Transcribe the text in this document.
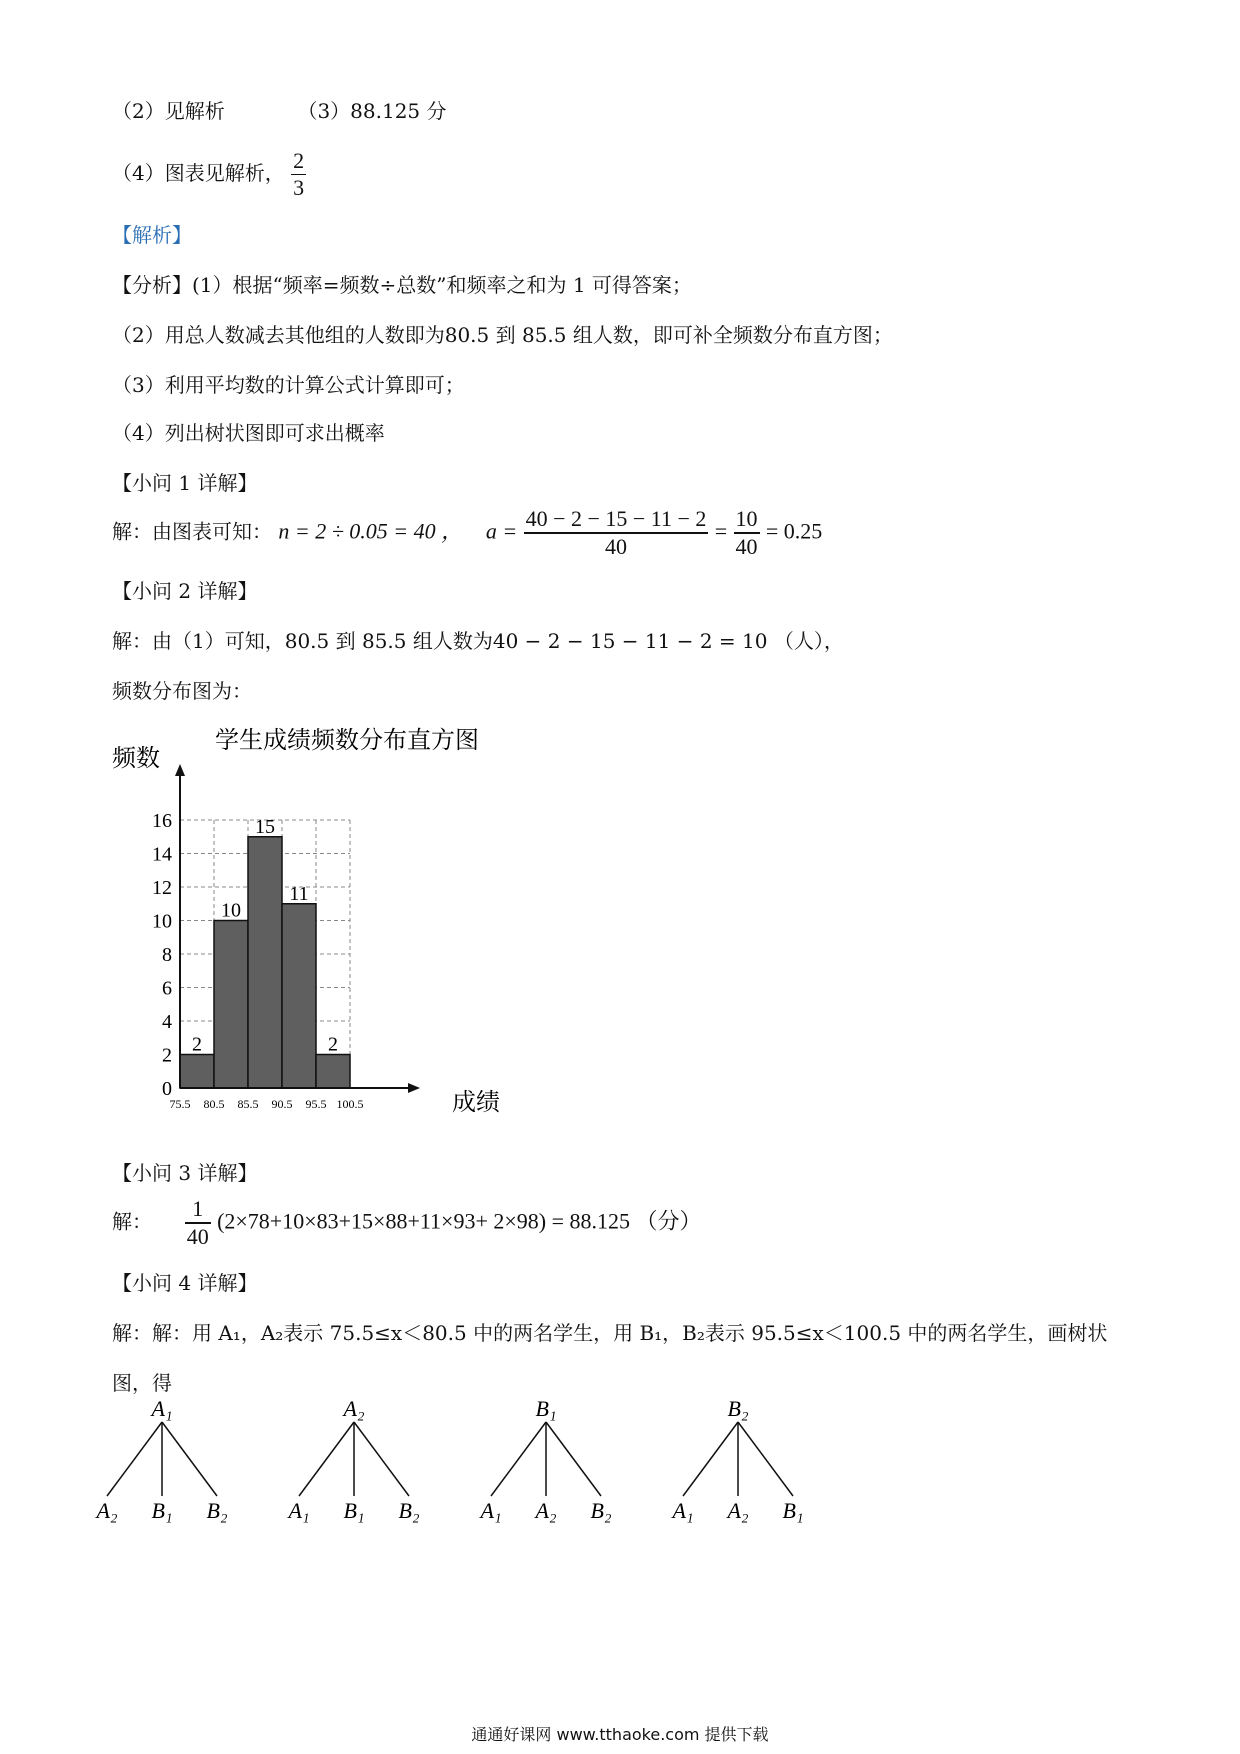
（2）见解析	（3）88.125 分
（4）图表见解析， $\frac{2}{3}$
【解析】
【分析】(1）根据“频率=频数÷总数”和频率之和为 1 可得答案；
（2）用总人数减去其他组的人数即为80.5 到 85.5 组人数，即可补全频数分布直方图；
（3）利用平均数的计算公式计算即可；
（4）列出树状图即可求出概率
【小问 1 详解】
解：由图表可知： n = 2 ÷ 0.05 = 40 ， $a = \frac{40 - 2 - 15 - 11 - 2}{40} = \frac{10}{40} = 0.25$
【小问 2 详解】
解：由（1）可知，80.5 到 85.5 组人数为40 − 2 − 15 − 11 − 2 = 10 （人），
频数分布图为：
学生成绩频数分布直方图
频数
成绩
2
10
15
11
2
0
2
4
6
8
10
12
14
16
75.5 80.5 85.5 90.5 95.5 100.5
【小问 3 详解】
解： $\frac{1}{40} (2\times 78+10\times 83+15\times 88+11\times 93+ 2\times 98) = 88.125$ （分）
【小问 4 详解】
解：解：用 A₁，A₂表示 75.5≤x＜80.5 中的两名学生，用 B₁，B₂表示 95.5≤x＜100.5 中的两名学生，画树状
图，得
A₁
A₂ B₁ B₂
A₂
A₁ B₁ B₂
B₁
A₁ A₂ B₂
B₂
A₁ A₂ B₁
通通好课网 www.tthaoke.com 提供下载
